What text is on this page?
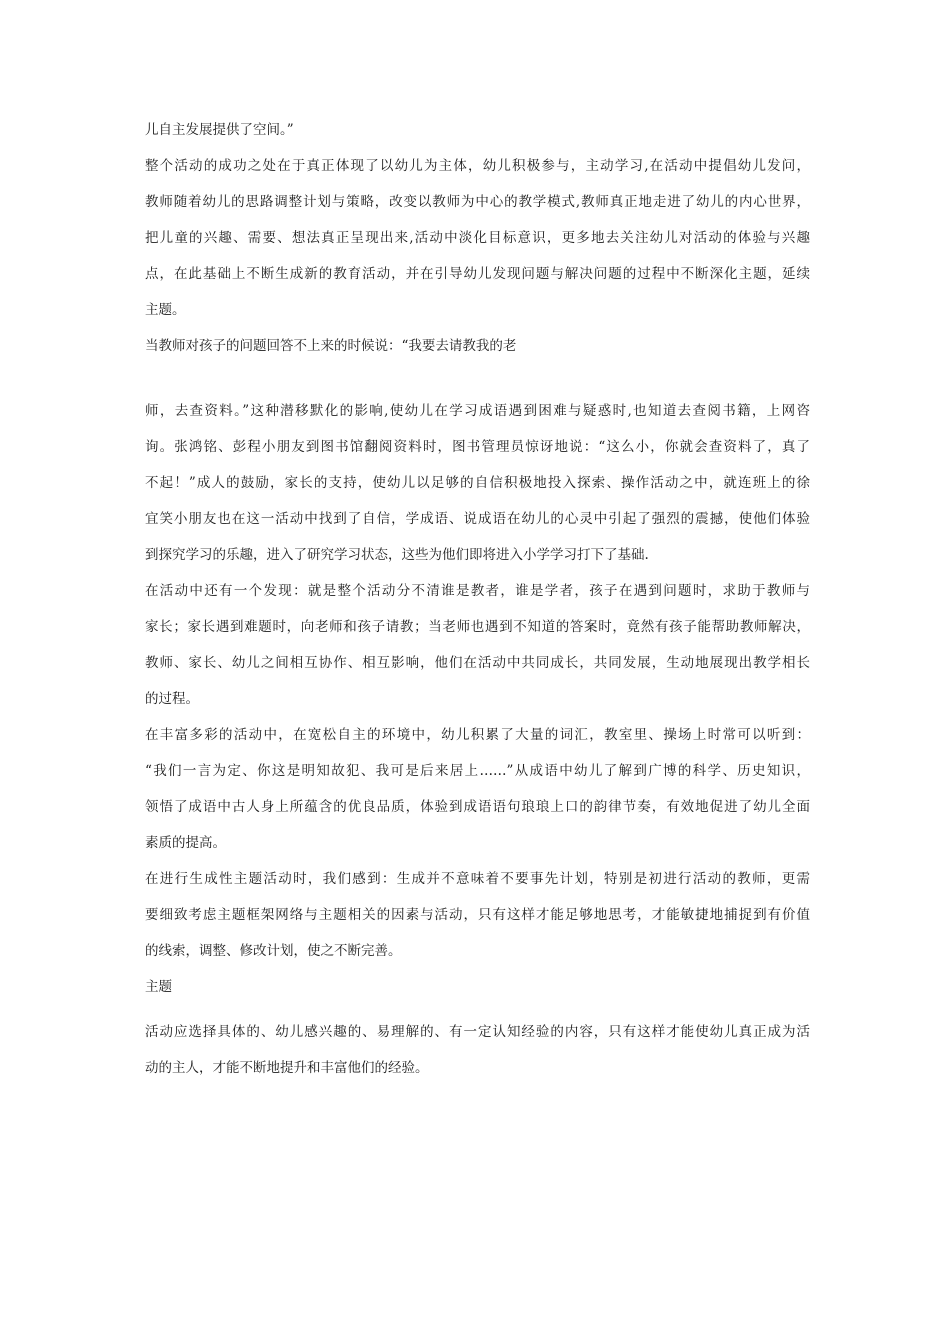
儿自主发展提供了空间。”
整个活动的成功之处在于真正体现了以幼儿为主体，幼儿积极参与，主动学习,在活动中提倡幼儿发问，
教师随着幼儿的思路调整计划与策略，改变以教师为中心的教学模式,教师真正地走进了幼儿的内心世界，
把儿童的兴趣、需要、想法真正呈现出来,活动中淡化目标意识，更多地去关注幼儿对活动的体验与兴趣
点，在此基础上不断生成新的教育活动，并在引导幼儿发现问题与解决问题的过程中不断深化主题，延续
主题。
当教师对孩子的问题回答不上来的时候说：“我要去请教我的老
师，去查资料。”这种潜移默化的影响,使幼儿在学习成语遇到困难与疑惑时,也知道去查阅书籍，上网咨
询。张鸿铭、彭程小朋友到图书馆翻阅资料时，图书管理员惊讶地说：“这么小，你就会查资料了，真了
不起！”成人的鼓励，家长的支持，使幼儿以足够的自信积极地投入探索、操作活动之中，就连班上的徐
宜笑小朋友也在这一活动中找到了自信，学成语、说成语在幼儿的心灵中引起了强烈的震撼，使他们体验
到探究学习的乐趣，进入了研究学习状态，这些为他们即将进入小学学习打下了基础.
在活动中还有一个发现：就是整个活动分不清谁是教者，谁是学者，孩子在遇到问题时，求助于教师与
家长；家长遇到难题时，向老师和孩子请教；当老师也遇到不知道的答案时，竟然有孩子能帮助教师解决，
教师、家长、幼儿之间相互协作、相互影响，他们在活动中共同成长，共同发展，生动地展现出教学相长
的过程。
在丰富多彩的活动中，在宽松自主的环境中，幼儿积累了大量的词汇，教室里、操场上时常可以听到：
“我们一言为定、你这是明知故犯、我可是后来居上……”从成语中幼儿了解到广博的科学、历史知识，
领悟了成语中古人身上所蕴含的优良品质，体验到成语语句琅琅上口的韵律节奏，有效地促进了幼儿全面
素质的提高。
在进行生成性主题活动时，我们感到：生成并不意味着不要事先计划，特别是初进行活动的教师，更需
要细致考虑主题框架网络与主题相关的因素与活动，只有这样才能足够地思考，才能敏捷地捕捉到有价值
的线索，调整、修改计划，使之不断完善。
主题
活动应选择具体的、幼儿感兴趣的、易理解的、有一定认知经验的内容，只有这样才能使幼儿真正成为活
动的主人，才能不断地提升和丰富他们的经验。
